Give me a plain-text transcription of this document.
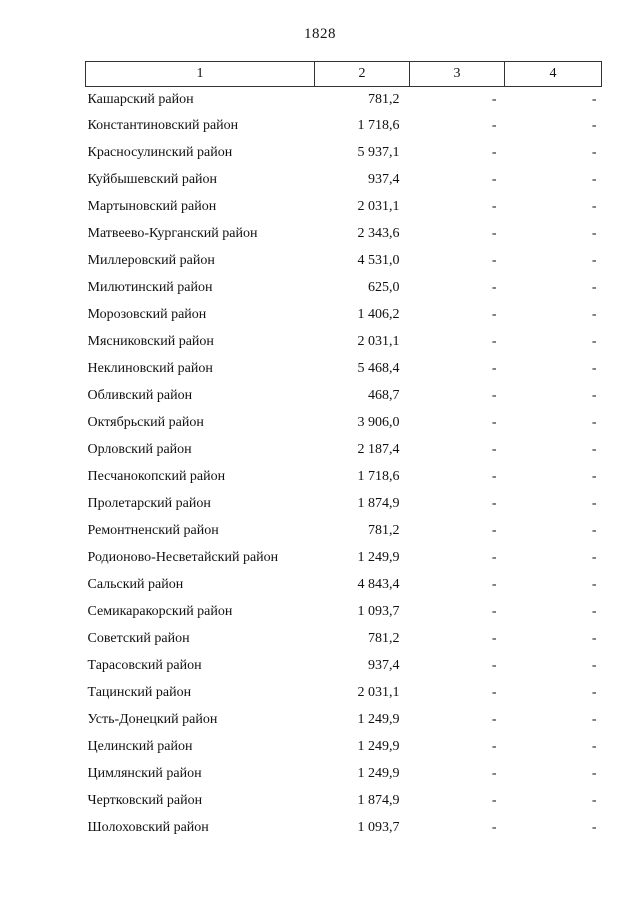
1828
1	2	3	4
Кашарский район	781,2	-	-
Константиновский район	1 718,6	-	-
Красносулинский район	5 937,1	-	-
Куйбышевский район	937,4	-	-
Мартыновский район	2 031,1	-	-
Матвеево-Курганский район	2 343,6	-	-
Миллеровский район	4 531,0	-	-
Милютинский район	625,0	-	-
Морозовский район	1 406,2	-	-
Мясниковский район	2 031,1	-	-
Неклиновский район	5 468,4	-	-
Обливский район	468,7	-	-
Октябрьский район	3 906,0	-	-
Орловский район	2 187,4	-	-
Песчанокопский район	1 718,6	-	-
Пролетарский район	1 874,9	-	-
Ремонтненский район	781,2	-	-
Родионово-Несветайский район	1 249,9	-	-
Сальский район	4 843,4	-	-
Семикаракорский район	1 093,7	-	-
Советский район	781,2	-	-
Тарасовский район	937,4	-	-
Тацинский район	2 031,1	-	-
Усть-Донецкий район	1 249,9	-	-
Целинский район	1 249,9	-	-
Цимлянский район	1 249,9	-	-
Чертковский район	1 874,9	-	-
Шолоховский район	1 093,7	-	-
